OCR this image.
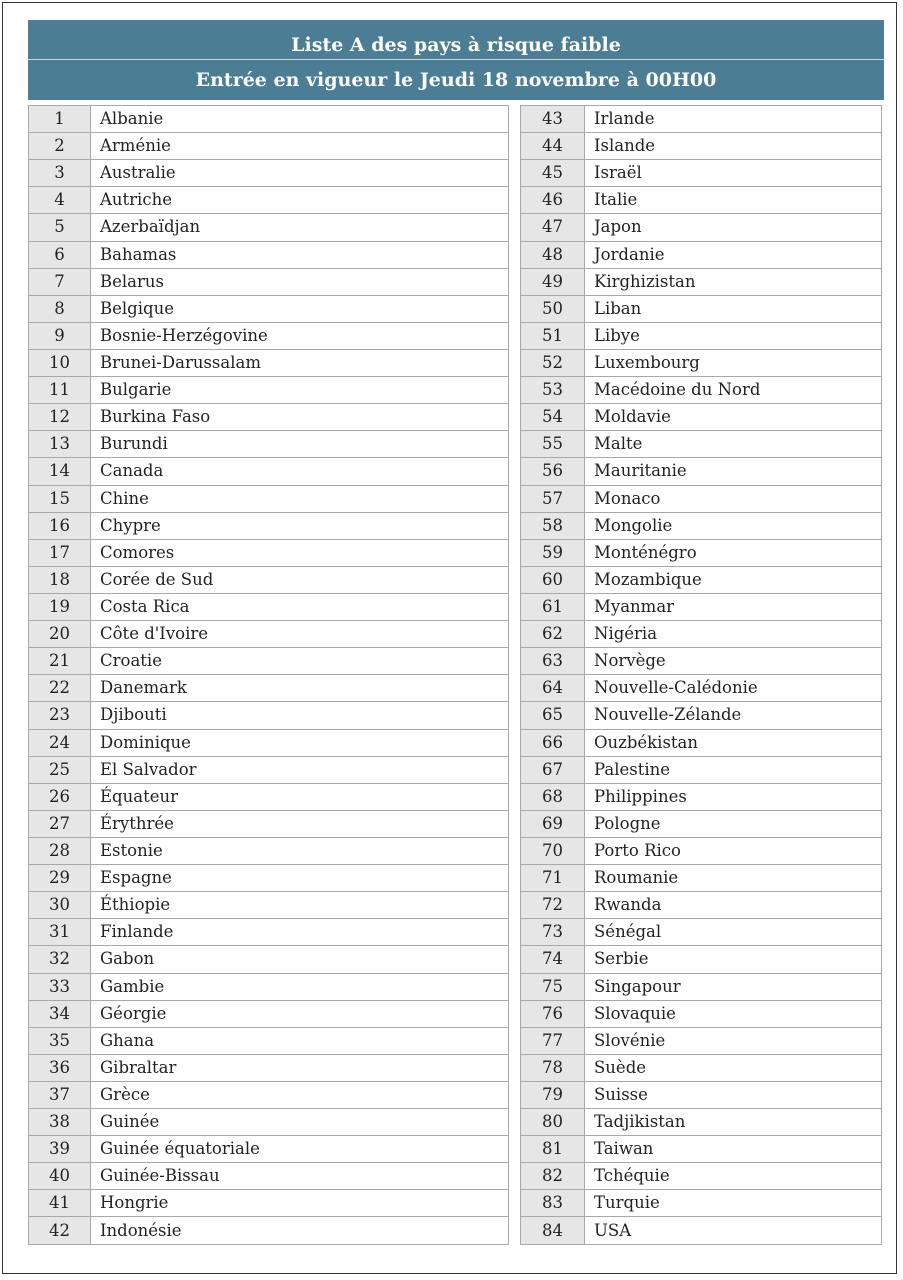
Liste A des pays à risque faible
Entrée en vigueur le Jeudi 18 novembre à 00H00
1	Albanie
2	Arménie
3	Australie
4	Autriche
5	Azerbaïdjan
6	Bahamas
7	Belarus
8	Belgique
9	Bosnie-Herzégovine
10	Brunei-Darussalam
11	Bulgarie
12	Burkina Faso
13	Burundi
14	Canada
15	Chine
16	Chypre
17	Comores
18	Corée de Sud
19	Costa Rica
20	Côte d'Ivoire
21	Croatie
22	Danemark
23	Djibouti
24	Dominique
25	El Salvador
26	Équateur
27	Érythrée
28	Estonie
29	Espagne
30	Éthiopie
31	Finlande
32	Gabon
33	Gambie
34	Géorgie
35	Ghana
36	Gibraltar
37	Grèce
38	Guinée
39	Guinée équatoriale
40	Guinée-Bissau
41	Hongrie
42	Indonésie
43	Irlande
44	Islande
45	Israël
46	Italie
47	Japon
48	Jordanie
49	Kirghizistan
50	Liban
51	Libye
52	Luxembourg
53	Macédoine du Nord
54	Moldavie
55	Malte
56	Mauritanie
57	Monaco
58	Mongolie
59	Monténégro
60	Mozambique
61	Myanmar
62	Nigéria
63	Norvège
64	Nouvelle-Calédonie
65	Nouvelle-Zélande
66	Ouzbékistan
67	Palestine
68	Philippines
69	Pologne
70	Porto Rico
71	Roumanie
72	Rwanda
73	Sénégal
74	Serbie
75	Singapour
76	Slovaquie
77	Slovénie
78	Suède
79	Suisse
80	Tadjikistan
81	Taiwan
82	Tchéquie
83	Turquie
84	USA
